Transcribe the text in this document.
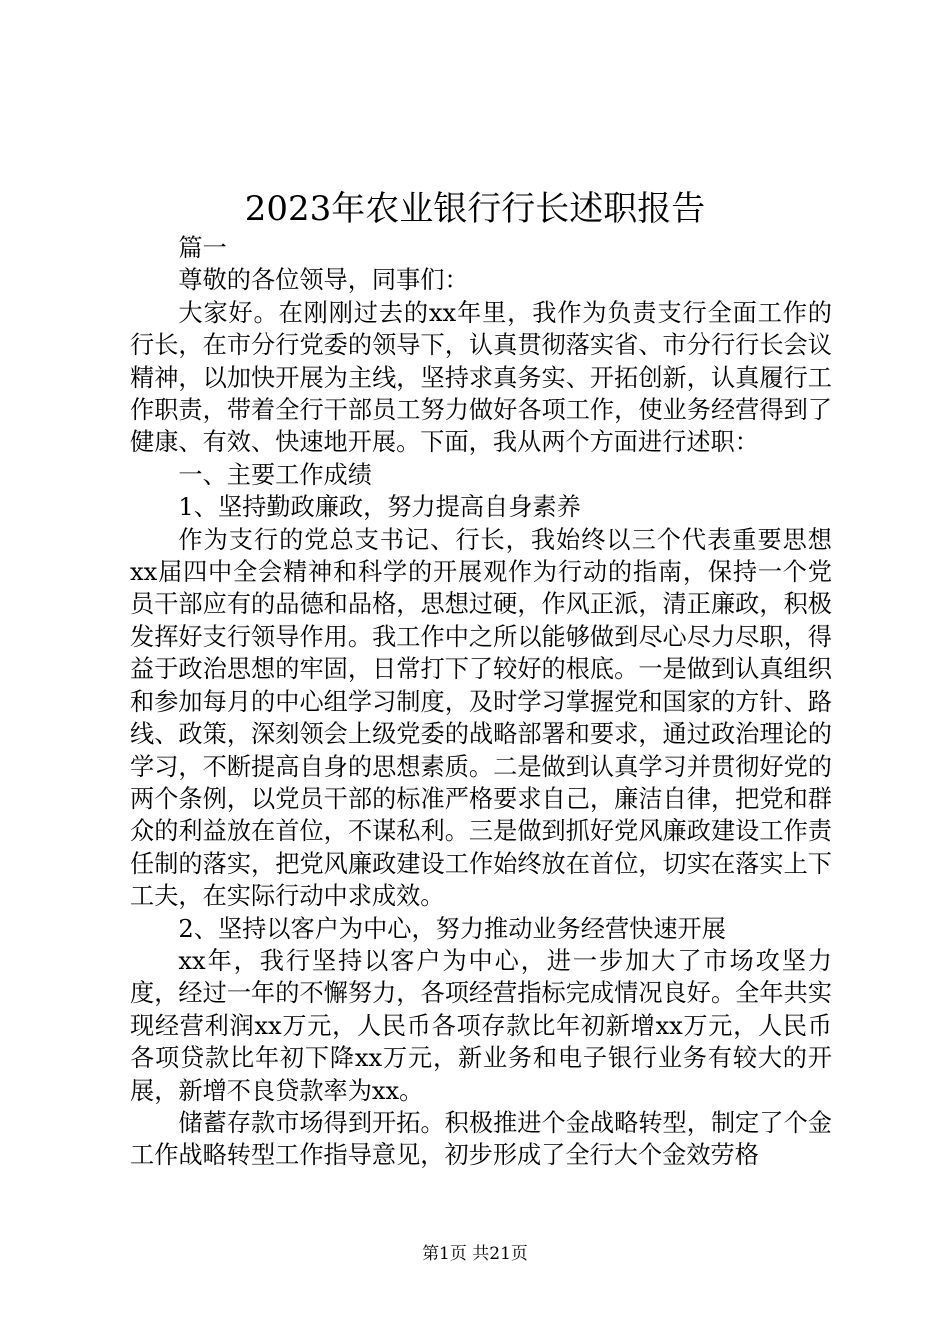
2023年农业银行行长述职报告

篇一

尊敬的各位领导，同事们：

大家好。在刚刚过去的xx年里，我作为负责支行全面工作的行长，在市分行党委的领导下，认真贯彻落实省、市分行行长会议精神，以加快开展为主线，坚持求真务实、开拓创新，认真履行工作职责，带着全行干部员工努力做好各项工作，使业务经营得到了健康、有效、快速地开展。下面，我从两个方面进行述职：

一、主要工作成绩

1、坚持勤政廉政，努力提高自身素养

作为支行的党总支书记、行长，我始终以三个代表重要思想xx届四中全会精神和科学的开展观作为行动的指南，保持一个党员干部应有的品德和品格，思想过硬，作风正派，清正廉政，积极发挥好支行领导作用。我工作中之所以能够做到尽心尽力尽职，得益于政治思想的牢固，日常打下了较好的根底。一是做到认真组织和参加每月的中心组学习制度，及时学习掌握党和国家的方针、路线、政策，深刻领会上级党委的战略部署和要求，通过政治理论的学习，不断提高自身的思想素质。二是做到认真学习并贯彻好党的两个条例，以党员干部的标准严格要求自己，廉洁自律，把党和群众的利益放在首位，不谋私利。三是做到抓好党风廉政建设工作责任制的落实，把党风廉政建设工作始终放在首位，切实在落实上下工夫，在实际行动中求成效。

2、坚持以客户为中心，努力推动业务经营快速开展

xx年，我行坚持以客户为中心，进一步加大了市场攻坚力度，经过一年的不懈努力，各项经营指标完成情况良好。全年共实现经营利润xx万元，人民币各项存款比年初新增xx万元，人民币各项贷款比年初下降xx万元，新业务和电子银行业务有较大的开展，新增不良贷款率为xx。

储蓄存款市场得到开拓。积极推进个金战略转型，制定了个金工作战略转型工作指导意见，初步形成了全行大个金效劳格

第1页 共21页
